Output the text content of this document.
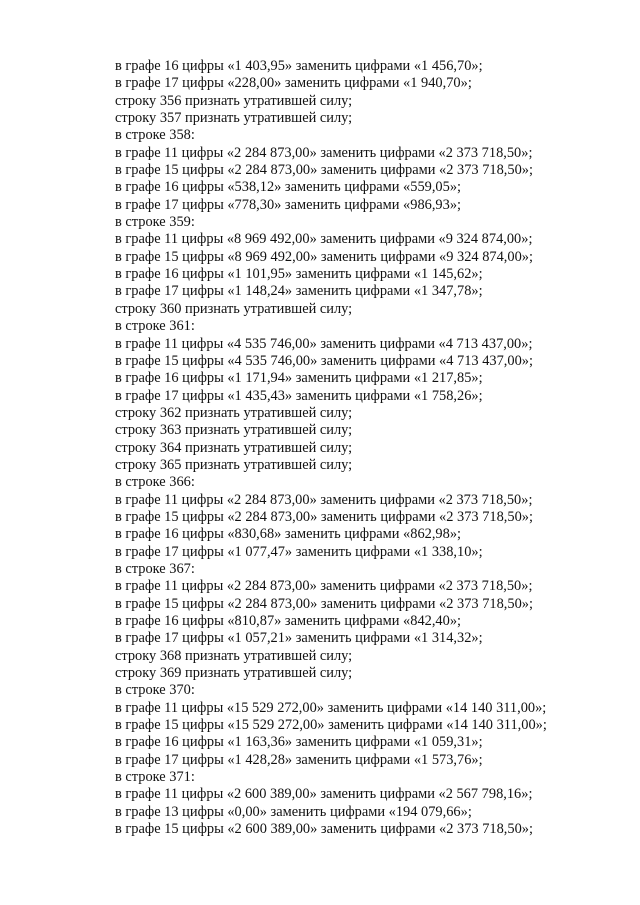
в графе 16 цифры «1 403,95» заменить цифрами «1 456,70»;
в графе 17 цифры «228,00» заменить цифрами «1 940,70»;
строку 356 признать утратившей силу;
строку 357 признать утратившей силу;
в строке 358:
в графе 11 цифры «2 284 873,00» заменить цифрами «2 373 718,50»;
в графе 15 цифры «2 284 873,00» заменить цифрами «2 373 718,50»;
в графе 16 цифры «538,12» заменить цифрами «559,05»;
в графе 17 цифры «778,30» заменить цифрами «986,93»;
в строке 359:
в графе 11 цифры «8 969 492,00» заменить цифрами «9 324 874,00»;
в графе 15 цифры «8 969 492,00» заменить цифрами «9 324 874,00»;
в графе 16 цифры «1 101,95» заменить цифрами «1 145,62»;
в графе 17 цифры «1 148,24» заменить цифрами «1 347,78»;
строку 360 признать утратившей силу;
в строке 361:
в графе 11 цифры «4 535 746,00» заменить цифрами «4 713 437,00»;
в графе 15 цифры «4 535 746,00» заменить цифрами «4 713 437,00»;
в графе 16 цифры «1 171,94» заменить цифрами «1 217,85»;
в графе 17 цифры «1 435,43» заменить цифрами «1 758,26»;
строку 362 признать утратившей силу;
строку 363 признать утратившей силу;
строку 364 признать утратившей силу;
строку 365 признать утратившей силу;
в строке 366:
в графе 11 цифры «2 284 873,00» заменить цифрами «2 373 718,50»;
в графе 15 цифры «2 284 873,00» заменить цифрами «2 373 718,50»;
в графе 16 цифры «830,68» заменить цифрами «862,98»;
в графе 17 цифры «1 077,47» заменить цифрами «1 338,10»;
в строке 367:
в графе 11 цифры «2 284 873,00» заменить цифрами «2 373 718,50»;
в графе 15 цифры «2 284 873,00» заменить цифрами «2 373 718,50»;
в графе 16 цифры «810,87» заменить цифрами «842,40»;
в графе 17 цифры «1 057,21» заменить цифрами «1 314,32»;
строку 368 признать утратившей силу;
строку 369 признать утратившей силу;
в строке 370:
в графе 11 цифры «15 529 272,00» заменить цифрами «14 140 311,00»;
в графе 15 цифры «15 529 272,00» заменить цифрами «14 140 311,00»;
в графе 16 цифры «1 163,36» заменить цифрами «1 059,31»;
в графе 17 цифры «1 428,28» заменить цифрами «1 573,76»;
в строке 371:
в графе 11 цифры «2 600 389,00» заменить цифрами «2 567 798,16»;
в графе 13 цифры «0,00» заменить цифрами «194 079,66»;
в графе 15 цифры «2 600 389,00» заменить цифрами «2 373 718,50»;
